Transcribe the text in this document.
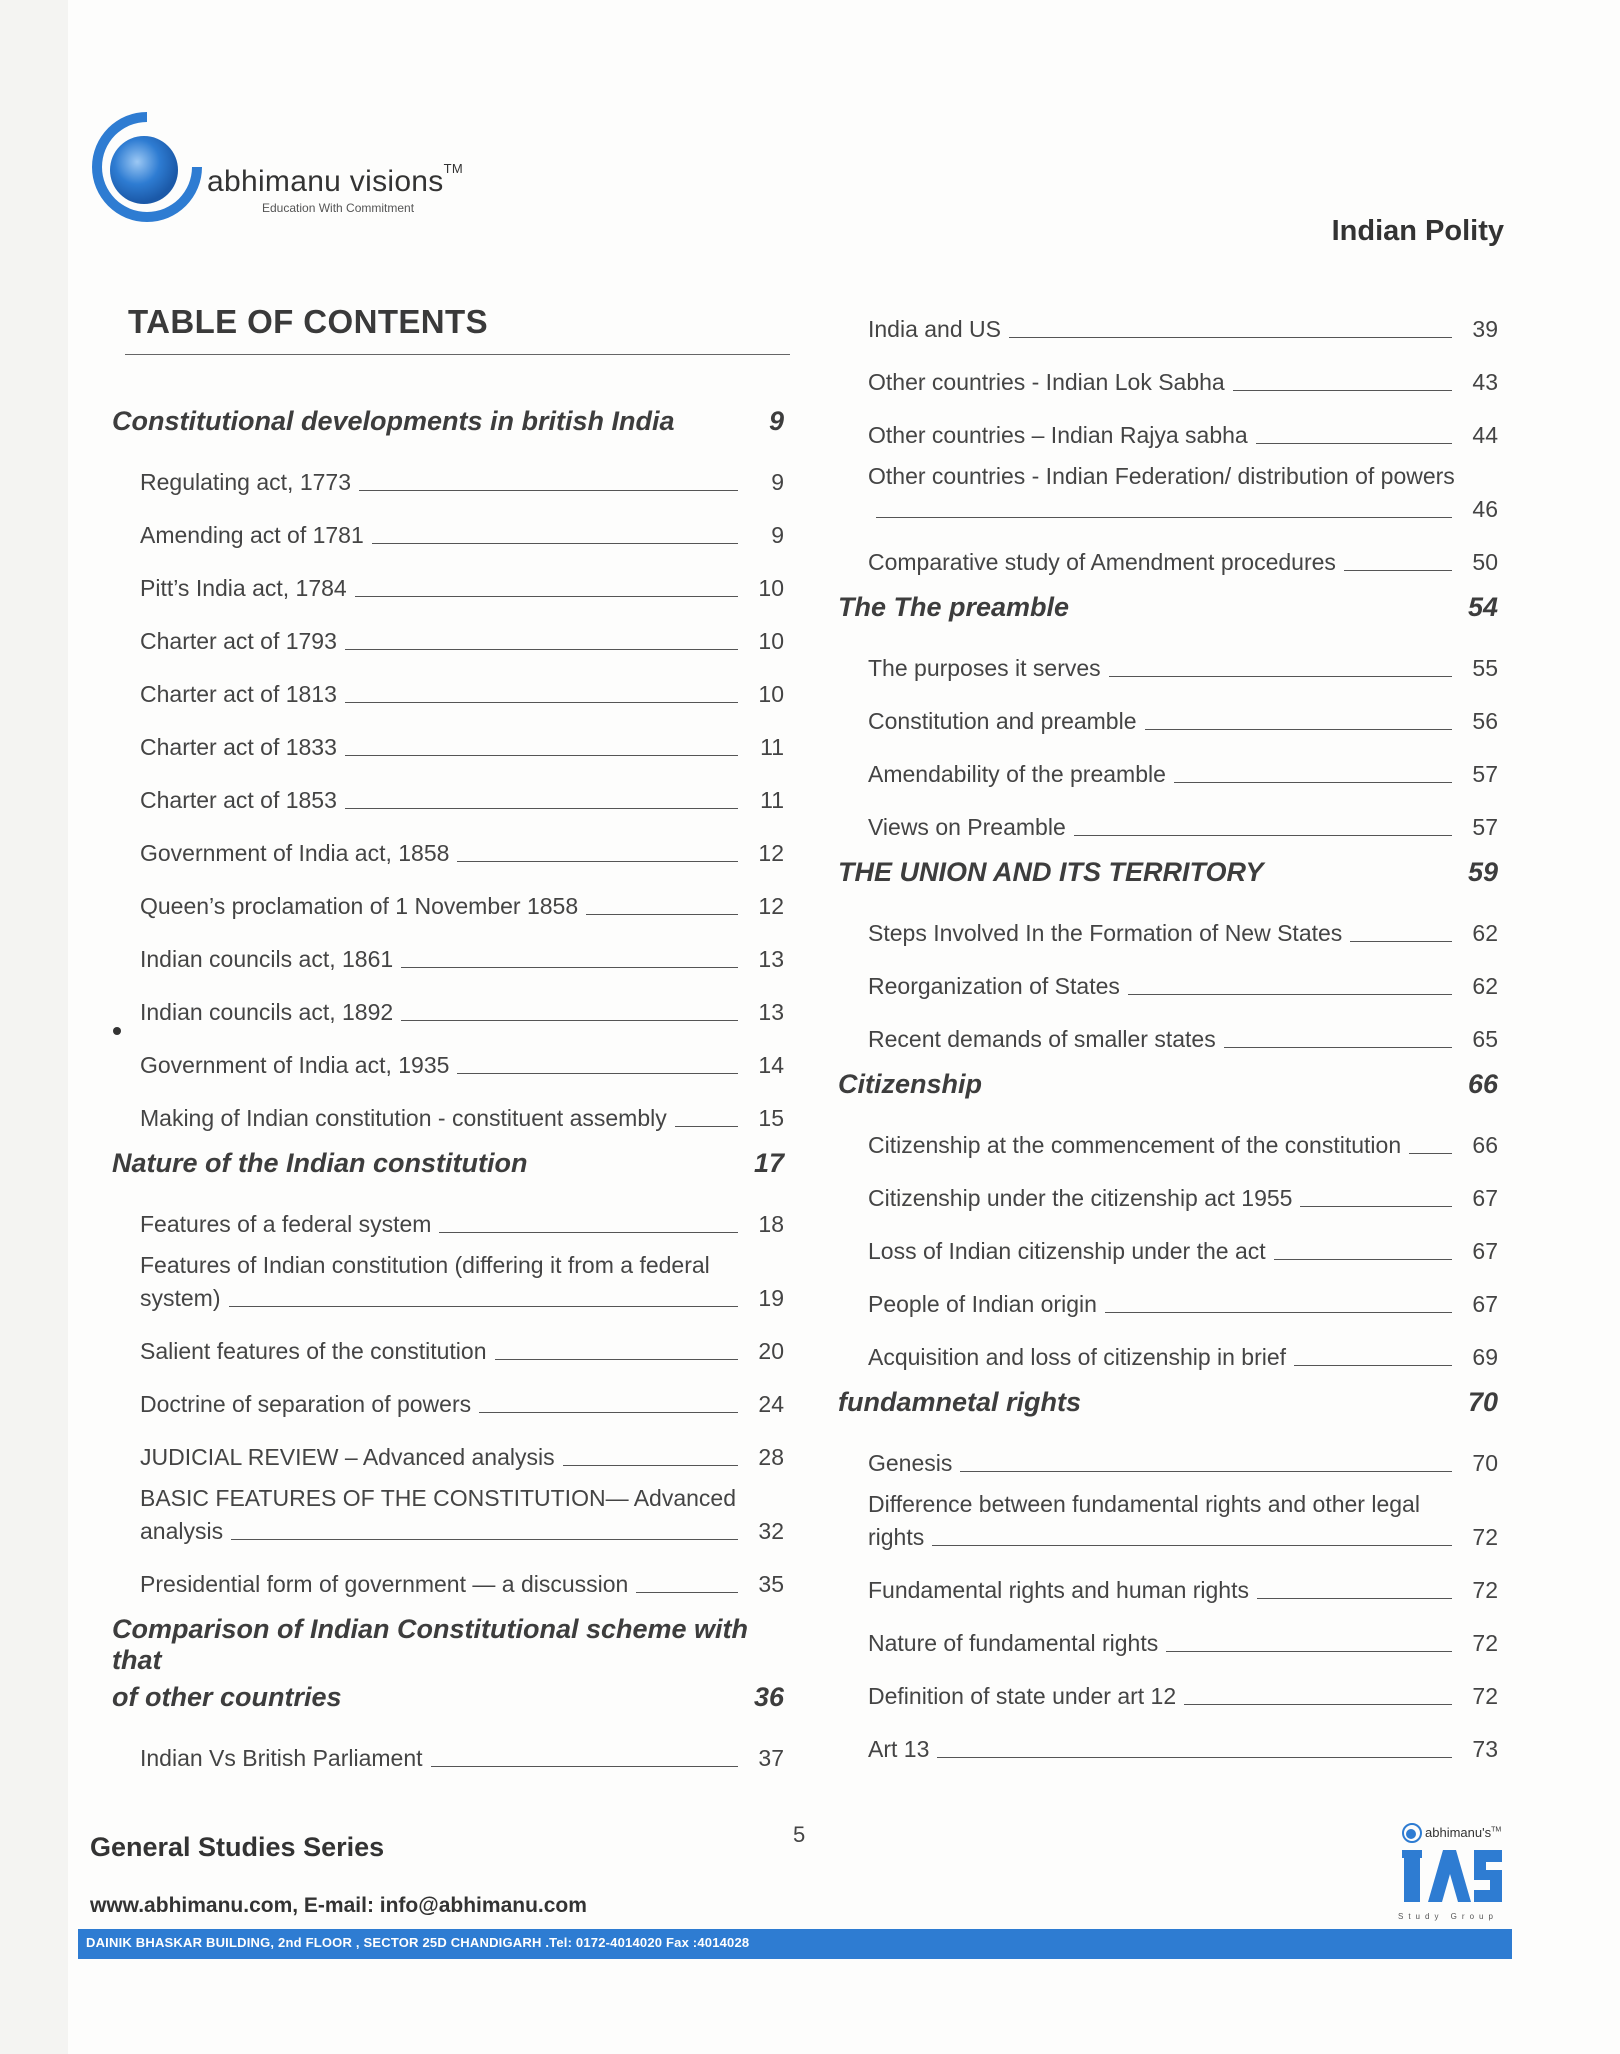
abhimanu visions™
Education With Commitment
Indian Polity
TABLE OF CONTENTS
Constitutional developments in british India	9
Regulating act, 1773	9
Amending act of 1781	9
Pitt’s India act, 1784	10
Charter act of 1793	10
Charter act of 1813	10
Charter act of 1833	11
Charter act of 1853	11
Government of India act, 1858	12
Queen’s proclamation of 1 November 1858	12
Indian councils act, 1861	13
Indian councils act, 1892	13
Government of India act, 1935	14
Making of Indian constitution - constituent assembly	15
Nature of the Indian constitution	17
Features of a federal system	18
Features of Indian constitution (differing it from a federal
system)	19
Salient features of the constitution	20
Doctrine of separation of powers	24
JUDICIAL REVIEW – Advanced analysis	28
BASIC FEATURES OF THE CONSTITUTION— Advanced
analysis	32
Presidential form of government — a discussion	35
Comparison of Indian Constitutional scheme with that
of other countries	36
Indian Vs British Parliament	37
India and US	39
Other countries - Indian Lok Sabha	43
Other countries – Indian Rajya sabha	44
Other countries - Indian Federation/ distribution of powers
46
Comparative study of Amendment procedures	50
The The preamble	54
The purposes it serves	55
Constitution and preamble	56
Amendability of the preamble	57
Views on Preamble	57
THE UNION AND ITS TERRITORY	59
Steps Involved In the Formation of New States	62
Reorganization of States	62
Recent demands of smaller states	65
Citizenship	66
Citizenship at the commencement of the constitution	66
Citizenship under the citizenship act 1955	67
Loss of Indian citizenship under the act	67
People of Indian origin	67
Acquisition and loss of citizenship in brief	69
fundamnetal rights	70
Genesis	70
Difference between fundamental rights and other legal
rights	72
Fundamental rights and human rights	72
Nature of fundamental rights	72
Definition of state under art 12	72
Art 13	73
5
General Studies Series
www.abhimanu.com, E-mail: info@abhimanu.com
DAINIK BHASKAR BUILDING, 2nd FLOOR , SECTOR 25D CHANDIGARH .Tel: 0172-4014020 Fax :4014028
abhimanu's™
Study Group
